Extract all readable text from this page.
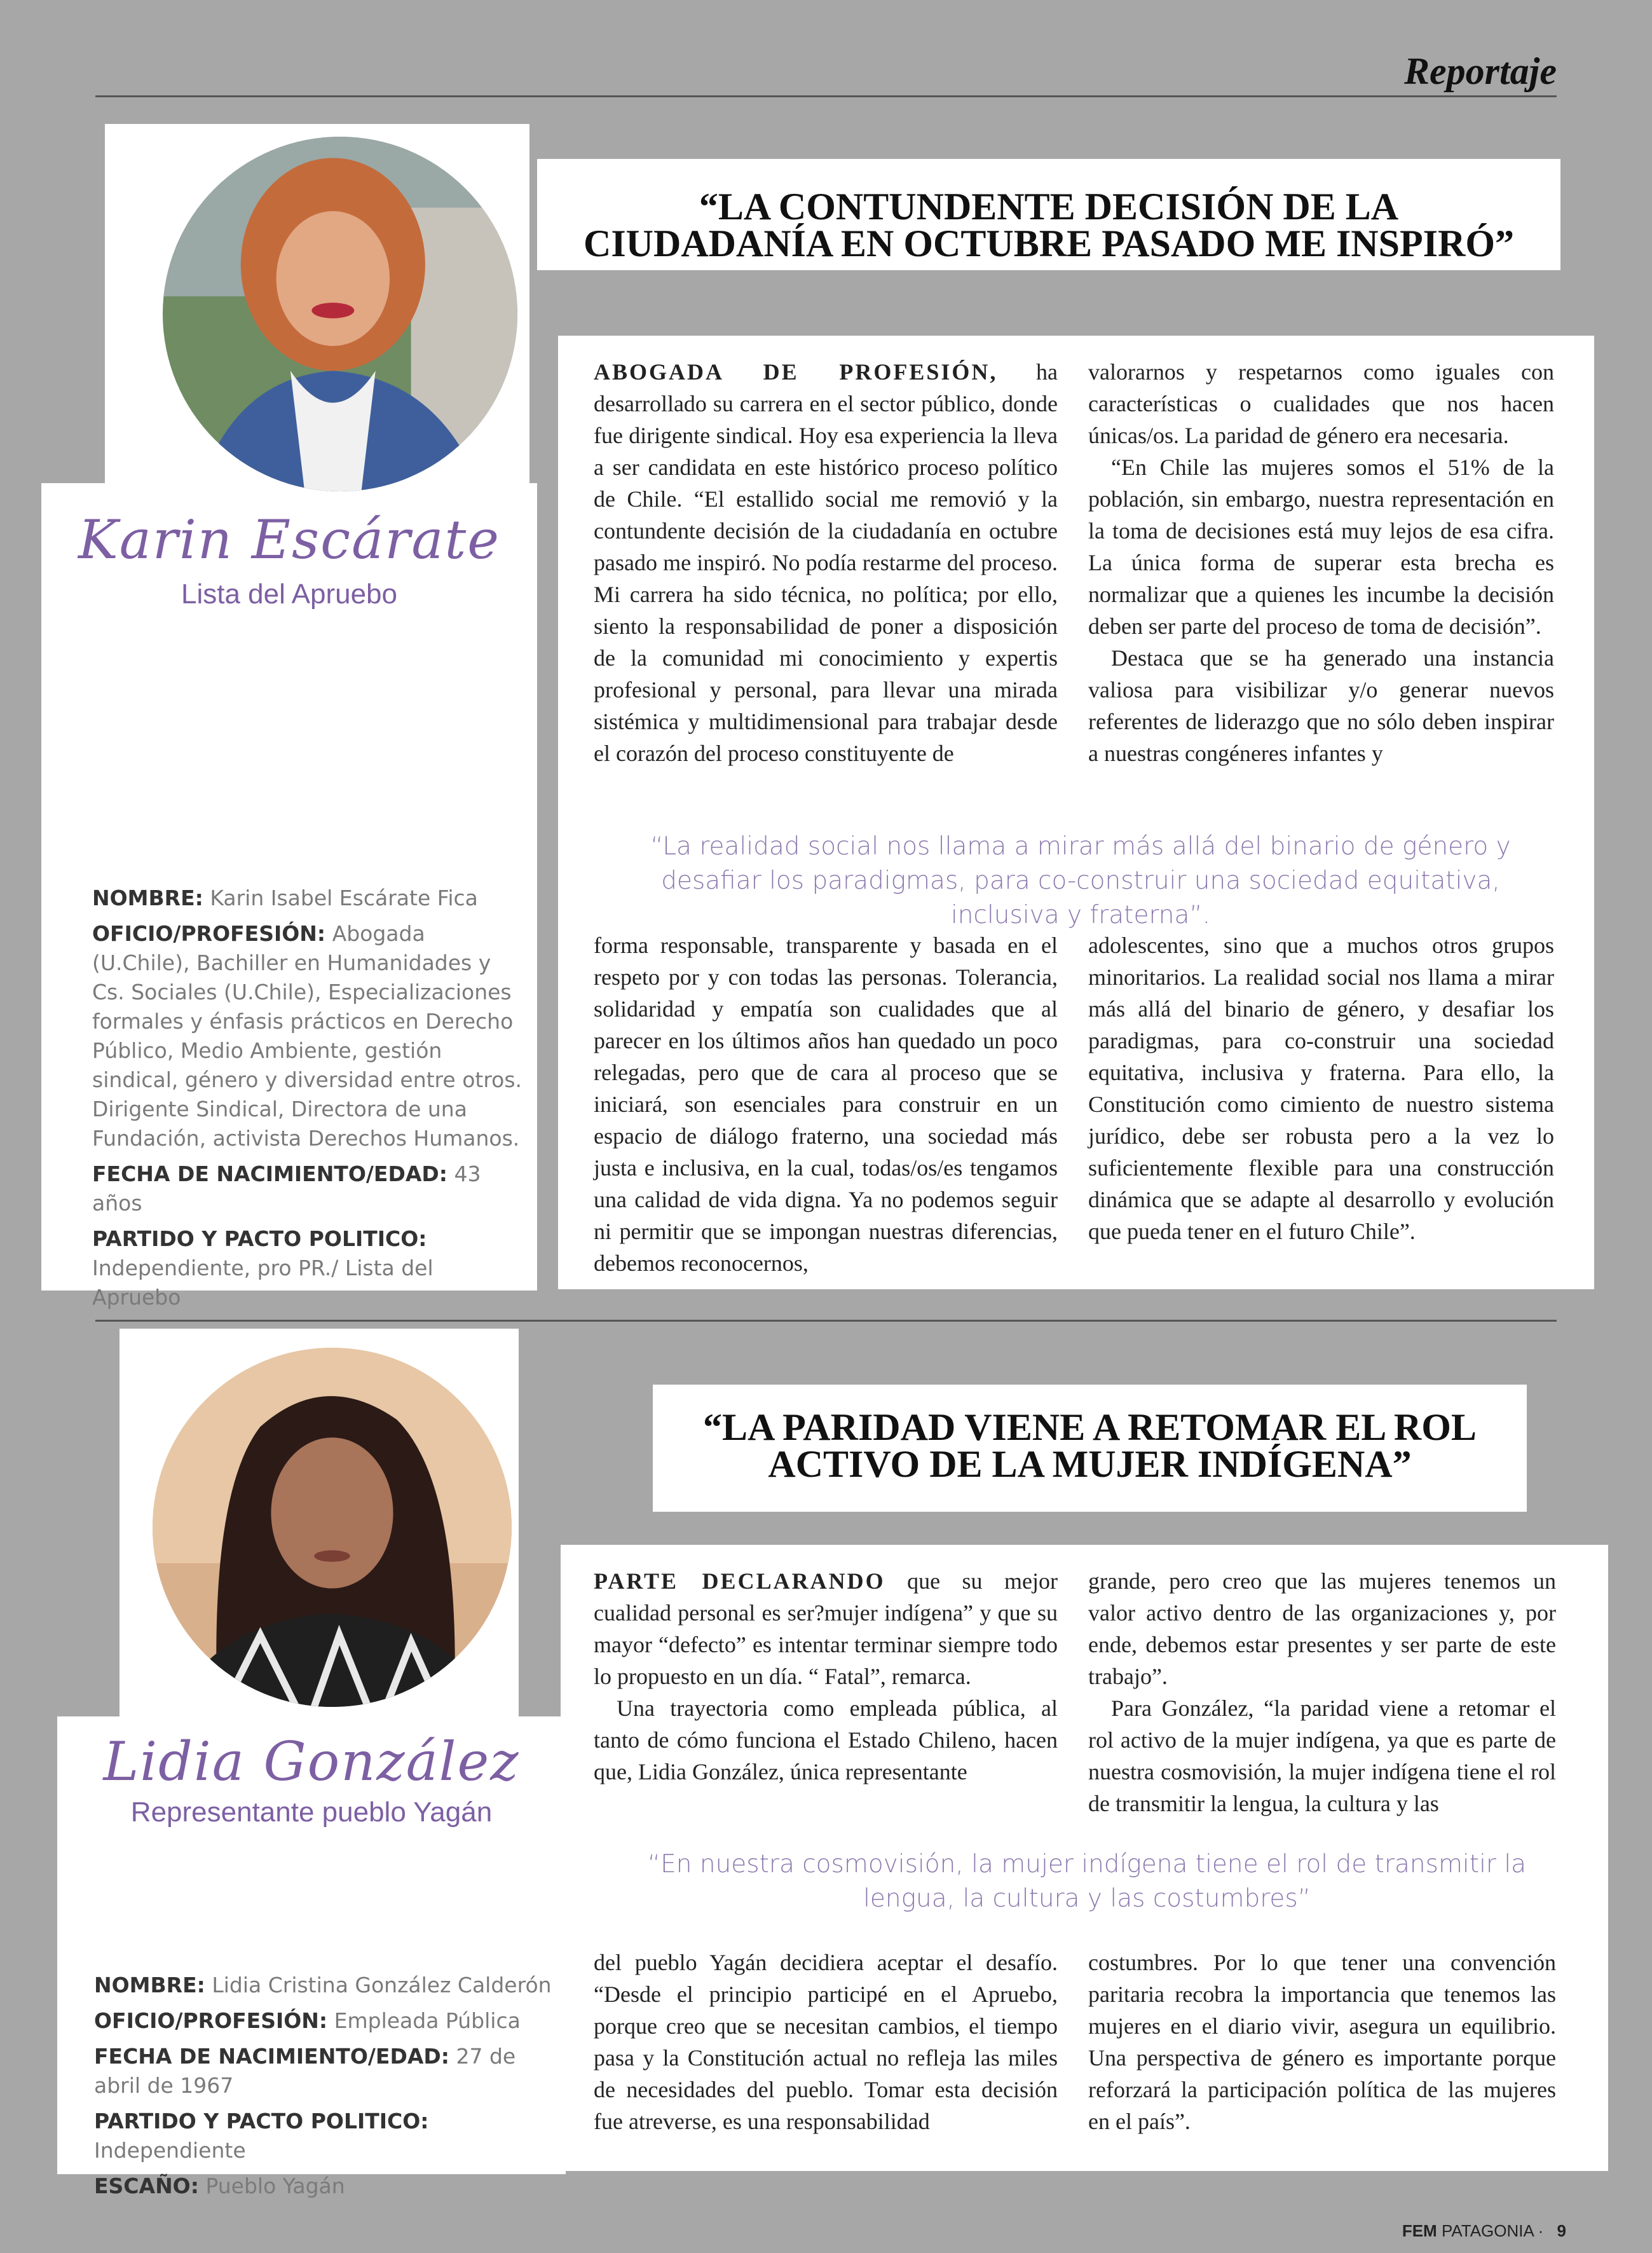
Reportaje
Karin Escárate
Lista del Apruebo

NOMBRE: Karin Isabel Escárate Fica

OFICIO/PROFESIÓN: Abogada (U.Chile), Bachiller en Humanidades y Cs. Sociales (U.Chile), Especializaciones formales y énfasis prácticos en Derecho Público, Medio Ambiente, gestión sindical, género y diversidad entre otros. Dirigente Sindical, Directora de una Fundación, activista Derechos Humanos.

FECHA DE NACIMIENTO/EDAD: 43 años

PARTIDO Y PACTO POLITICO: Independiente, pro PR./ Lista del Apruebo

“LA CONTUNDENTE DECISIÓN DE LA
CIUDADANÍA EN OCTUBRE PASADO ME INSPIRÓ”

ABOGADA DE PROFESIÓN, ha desarrollado su carrera en el sector público, donde fue dirigente sindical. Hoy esa experiencia la lleva a ser candidata en este histórico proceso político de Chile. “El estallido social me removió y la contundente decisión de la ciudadanía en octubre pasado me inspiró. No podía restarme del proceso. Mi carrera ha sido técnica, no política; por ello, siento la responsabilidad de poner a disposición de la comunidad mi conocimiento y expertis profesional y personal, para llevar una mirada sistémica y multidimensional para trabajar desde el corazón del proceso constituyente de

valorarnos y respetarnos como iguales con características o cualidades que nos hacen únicas/os. La paridad de género era necesaria.

“En Chile las mujeres somos el 51% de la población, sin embargo, nuestra representación en la toma de decisiones está muy lejos de esa cifra. La única forma de superar esta brecha es normalizar que a quienes les incumbe la decisión deben ser parte del proceso de toma de decisión”.

Destaca que se ha generado una instancia valiosa para visibilizar y/o generar nuevos referentes de liderazgo que no sólo deben inspirar a nuestras congéneres infantes y

“La realidad social nos llama a mirar más allá del binario de género y desafiar los paradigmas, para co-construir una sociedad equitativa, inclusiva y fraterna”.

forma responsable, transparente y basada en el respeto por y con todas las personas. Tolerancia, solidaridad y empatía son cualidades que al parecer en los últimos años han quedado un poco relegadas, pero que de cara al proceso que se iniciará, son esenciales para construir en un espacio de diálogo fraterno, una sociedad más justa e inclusiva, en la cual, todas/os/es tengamos una calidad de vida digna. Ya no podemos seguir ni permitir que se impongan nuestras diferencias, debemos reconocernos,

adolescentes, sino que a muchos otros grupos minoritarios. La realidad social nos llama a mirar más allá del binario de género, y desafiar los paradigmas, para co-construir una sociedad equitativa, inclusiva y fraterna. Para ello, la Constitución como cimiento de nuestro sistema jurídico, debe ser robusta pero a la vez lo suficientemente flexible para una construcción dinámica que se adapte al desarrollo y evolución que pueda tener en el futuro Chile”.

Lidia González
Representante pueblo Yagán

NOMBRE: Lidia Cristina González Calderón

OFICIO/PROFESIÓN: Empleada Pública

FECHA DE NACIMIENTO/EDAD: 27 de abril de 1967

PARTIDO Y PACTO POLITICO: Independiente

ESCAÑO: Pueblo Yagán

“LA PARIDAD VIENE A RETOMAR EL ROL
ACTIVO DE LA MUJER INDÍGENA”

PARTE DECLARANDO que su mejor cualidad personal es ser?mujer indígena” y que su mayor “defecto” es intentar terminar siempre todo lo propuesto en un día. “ Fatal”, remarca.

Una trayectoria como empleada pública, al tanto de cómo funciona el Estado Chileno, hacen que, Lidia González, única representante

grande, pero creo que las mujeres tenemos un valor activo dentro de las organizaciones y, por ende, debemos estar presentes y ser parte de este trabajo”.

Para González, “la paridad viene a retomar el rol activo de la mujer indígena, ya que es parte de nuestra cosmovisión, la mujer indígena tiene el rol de transmitir la lengua, la cultura y las

“En nuestra cosmovisión, la mujer indígena tiene el rol de transmitir la lengua, la cultura y las costumbres”

del pueblo Yagán decidiera aceptar el desafío. “Desde el principio participé en el Apruebo, porque creo que se necesitan cambios, el tiempo pasa y la Constitución actual no refleja las miles de necesidades del pueblo. Tomar esta decisión fue atreverse, es una responsabilidad

costumbres. Por lo que tener una convención paritaria recobra la importancia que tenemos las mujeres en el diario vivir, asegura un equilibrio. Una perspectiva de género es importante porque reforzará la participación política de las mujeres en el país”.

FEM PATAGONIA · 9
